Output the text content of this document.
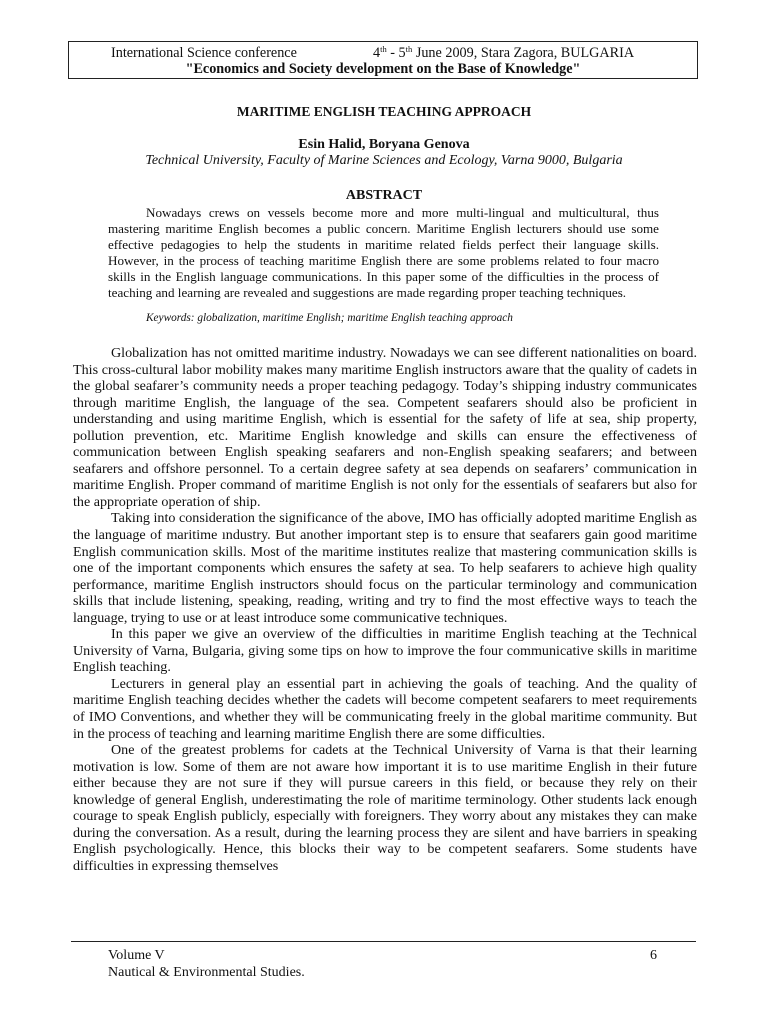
International Science conference	4th - 5th June 2009, Stara Zagora, BULGARIA
"Economics and Society development on the Base of Knowledge"
MARITIME ENGLISH TEACHING APPROACH
Esin Halid, Boryana Genova
Technical University, Faculty of Marine Sciences and Ecology, Varna 9000, Bulgaria
ABSTRACT
Nowadays crews on vessels become more and more multi-lingual and multicultural, thus mastering maritime English becomes a public concern. Maritime English lecturers should use some effective pedagogies to help the students in maritime related fields perfect their language skills. However, in the process of teaching maritime English there are some problems related to four macro skills in the English language communications. In this paper some of the difficulties in the process of teaching and learning are revealed and suggestions are made regarding proper teaching techniques.
Keywords: globalization, maritime English; maritime English teaching approach

Globalization has not omitted maritime industry. Nowadays we can see different nationalities on board. This cross-cultural labor mobility makes many maritime English instructors aware that the quality of cadets in the global seafarer’s community needs a proper teaching pedagogy. Today’s shipping industry communicates through maritime English, the language of the sea. Competent seafarers should also be proficient in understanding and using maritime English, which is essential for the safety of life at sea, ship property, pollution prevention, etc. Maritime English knowledge and skills can ensure the effectiveness of communication between English speaking seafarers and non-English speaking seafarers; and between seafarers and offshore personnel. To a certain degree safety at sea depends on seafarers’ communication in maritime English. Proper command of maritime English is not only for the essentials of seafarers but also for the appropriate operation of ship.

Taking into consideration the significance of the above, IMO has officially adopted maritime English as the language of maritime ındustry. But another important step is to ensure that seafarers gain good maritime English communication skills. Most of the maritime institutes realize that mastering communication skills is one of the important components which ensures the safety at sea. To help seafarers to achieve high quality performance, maritime English instructors should focus on the particular terminology and communication skills that include listening, speaking, reading, writing and try to find the most effective ways to teach the language, trying to use or at least introduce some communicative techniques.

In this paper we give an overview of the difficulties in maritime English teaching at the Technical University of Varna, Bulgaria, giving some tips on how to improve the four communicative skills in maritime English teaching.

Lecturers in general play an essential part in achieving the goals of teaching. And the quality of maritime English teaching decides whether the cadets will become competent seafarers to meet requirements of IMO Conventions, and whether they will be communicating freely in the global maritime community. But in the process of teaching and learning maritime English there are some difficulties.

One of the greatest problems for cadets at the Technical University of Varna is that their learning motivation is low. Some of them are not aware how important it is to use maritime English in their future either because they are not sure if they will pursue careers in this field, or because they rely on their knowledge of general English, underestimating the role of maritime terminology. Other students lack enough courage to speak English publicly, especially with foreigners. They worry about any mistakes they can make during the conversation. As a result, during the learning process they are silent and have barriers in speaking English psychologically. Hence, this blocks their way to be competent seafarers. Some students have difficulties in expressing themselves

Volume V	6
Nautical & Environmental Studies.
